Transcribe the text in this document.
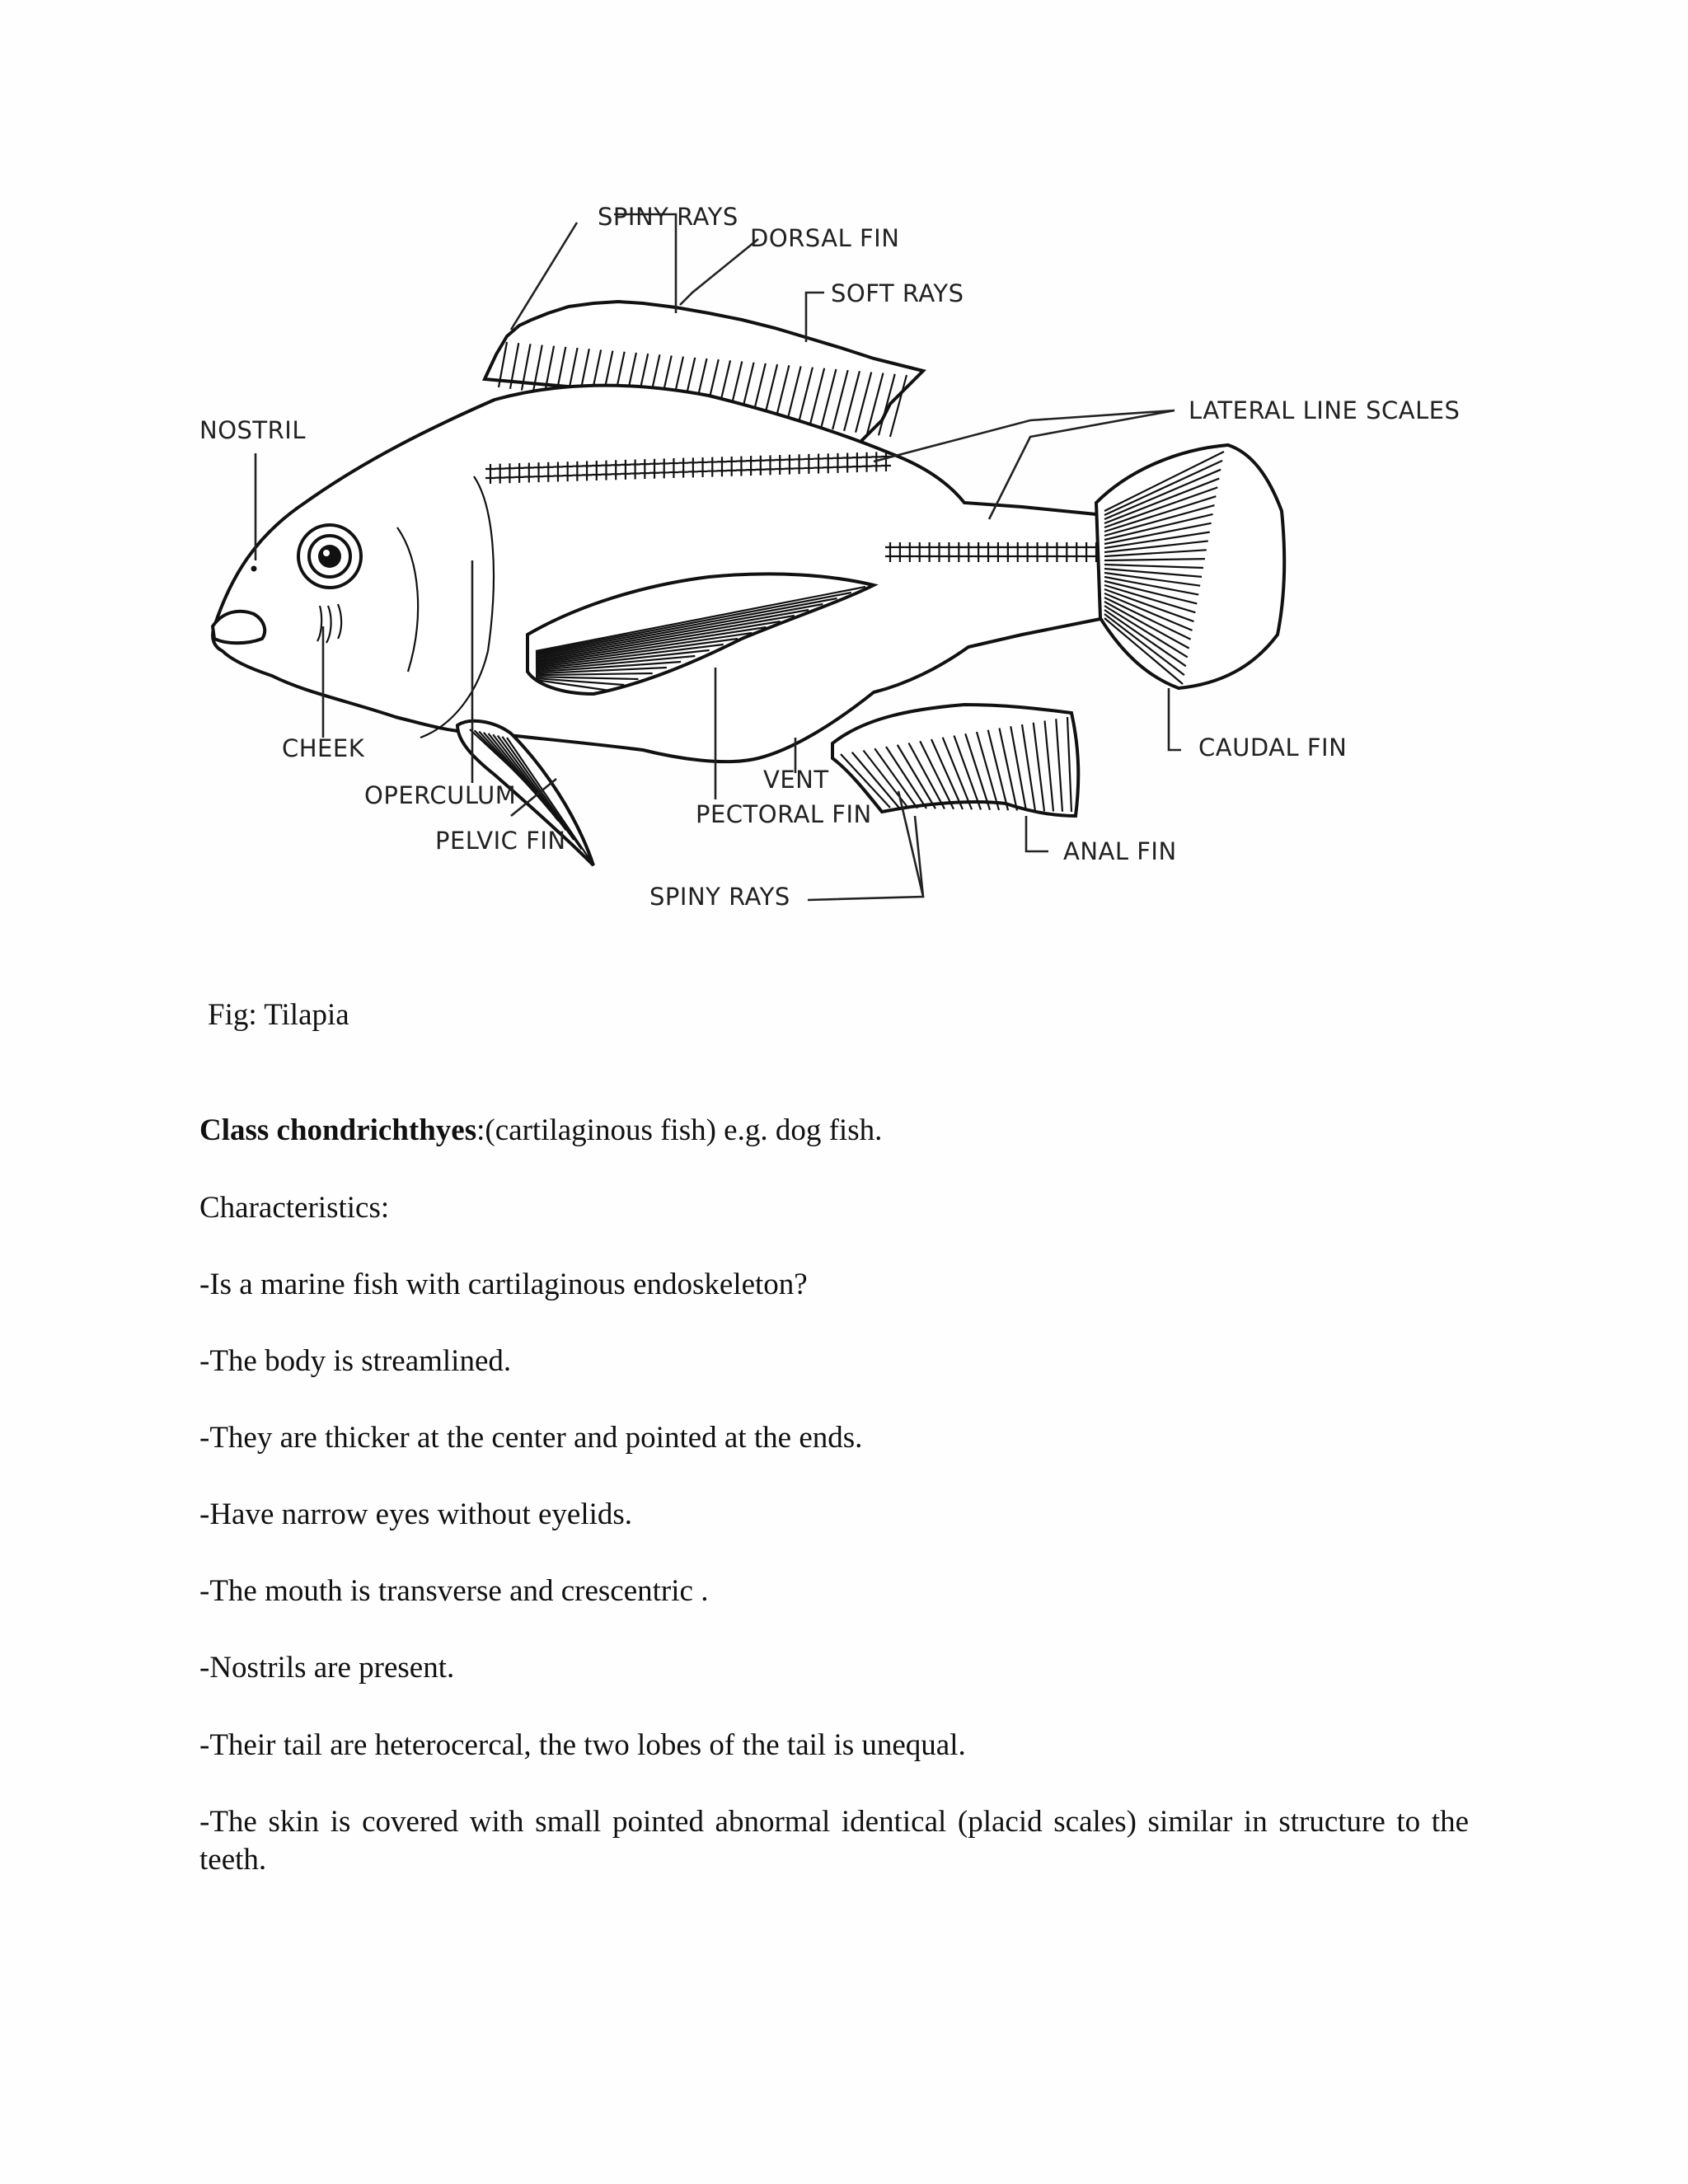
SPINY RAYS
DORSAL FIN
SOFT RAYS
NOSTRIL
LATERAL LINE SCALES
CHEEK	CAUDAL FIN
VENT
OPERCULUM
PECTORAL FIN
PELVIC FIN	ANAL FIN
SPINY RAYS
Fig: Tilapia
Class chondrichthyes:(cartilaginous fish) e.g. dog fish.
Characteristics:
-Is a marine fish with cartilaginous endoskeleton?
-The body is streamlined.
-They are thicker at the center and pointed at the ends.
-Have narrow eyes without eyelids.
-The mouth is transverse and crescentric .
-Nostrils are present.
-Their tail are heterocercal, the two lobes of the tail is unequal.
-The skin is covered with small pointed abnormal identical (placid scales) similar in structure to the teeth.
